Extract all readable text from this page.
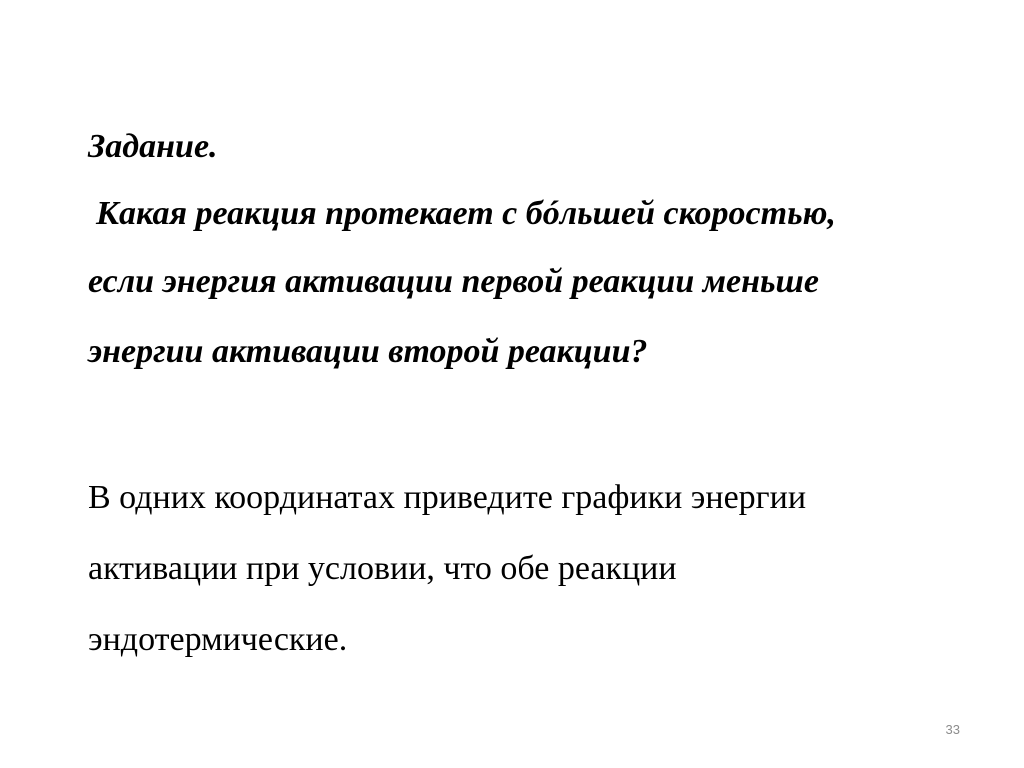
Задание.

Какая реакция протекает с бóльшей скоростью,

если энергия активации первой реакции меньше

энергии активации второй реакции?

В одних координатах приведите графики энергии

активации при условии, что обе реакции

эндотермические.

33
